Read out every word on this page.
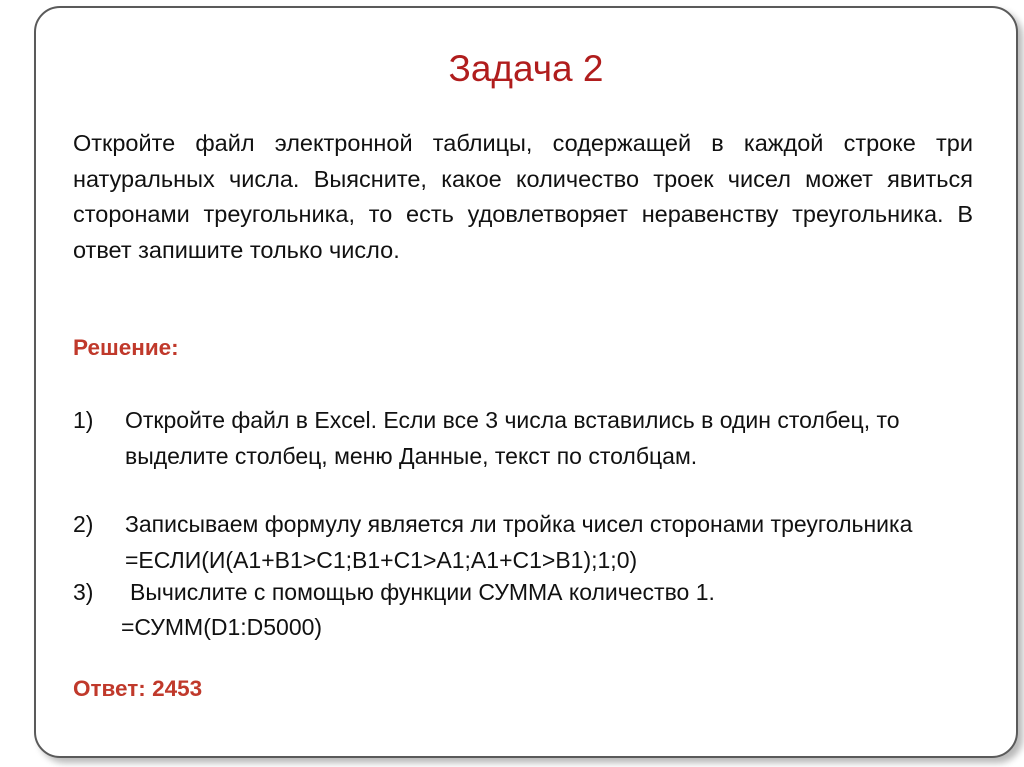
Задача 2

Откройте файл электронной таблицы, содержащей в каждой строке три натуральных числа. Выясните, какое количество троек чисел может явиться сторонами треугольника, то есть удовлетворяет неравенству треугольника. В ответ запишите только число.

Решение:

1) Откройте файл в Excel. Если все 3 числа вставились в один столбец, то выделите столбец, меню Данные, текст по столбцам.
2) Записываем формулу является ли тройка чисел сторонами треугольника =ЕСЛИ(И(A1+B1>C1;B1+C1>A1;A1+C1>B1);1;0)
3) Вычислите с помощью функции СУММА количество 1.

=СУММ(D1:D5000)

Ответ: 2453
